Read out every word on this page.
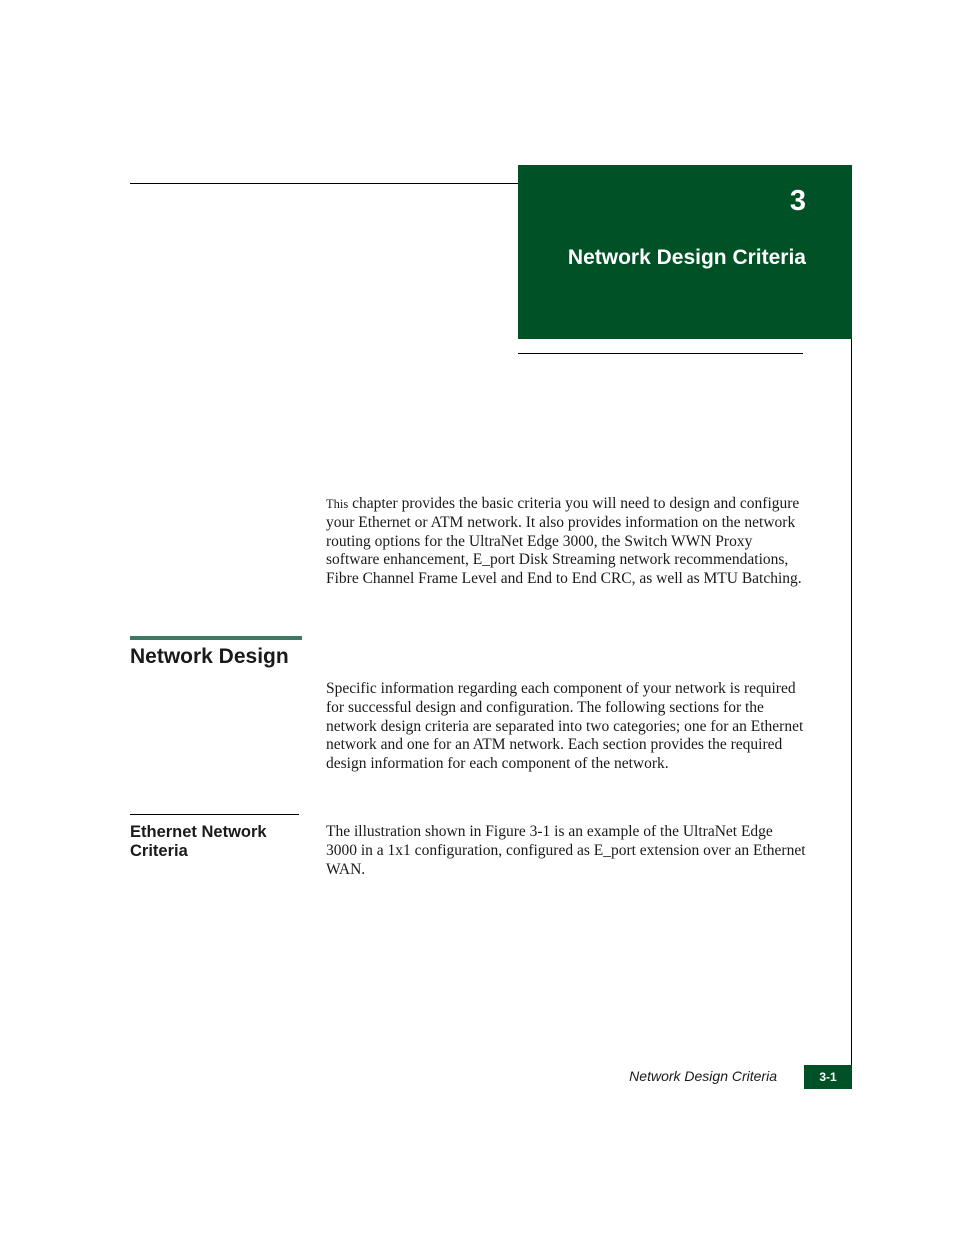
3
Network Design Criteria

This chapter provides the basic criteria you will need to design and configure your Ethernet or ATM network. It also provides information on the network routing options for the UltraNet Edge 3000, the Switch WWN Proxy software enhancement, E_port Disk Streaming network recommendations, Fibre Channel Frame Level and End to End CRC, as well as MTU Batching.

Network Design

Specific information regarding each component of your network is required for successful design and configuration. The following sections for the network design criteria are separated into two categories; one for an Ethernet network and one for an ATM network. Each section provides the required design information for each component of the network.

Ethernet Network Criteria

The illustration shown in Figure 3-1 is an example of the UltraNet Edge 3000 in a 1x1 configuration, configured as E_port extension over an Ethernet WAN.

Network Design Criteria	3-1
